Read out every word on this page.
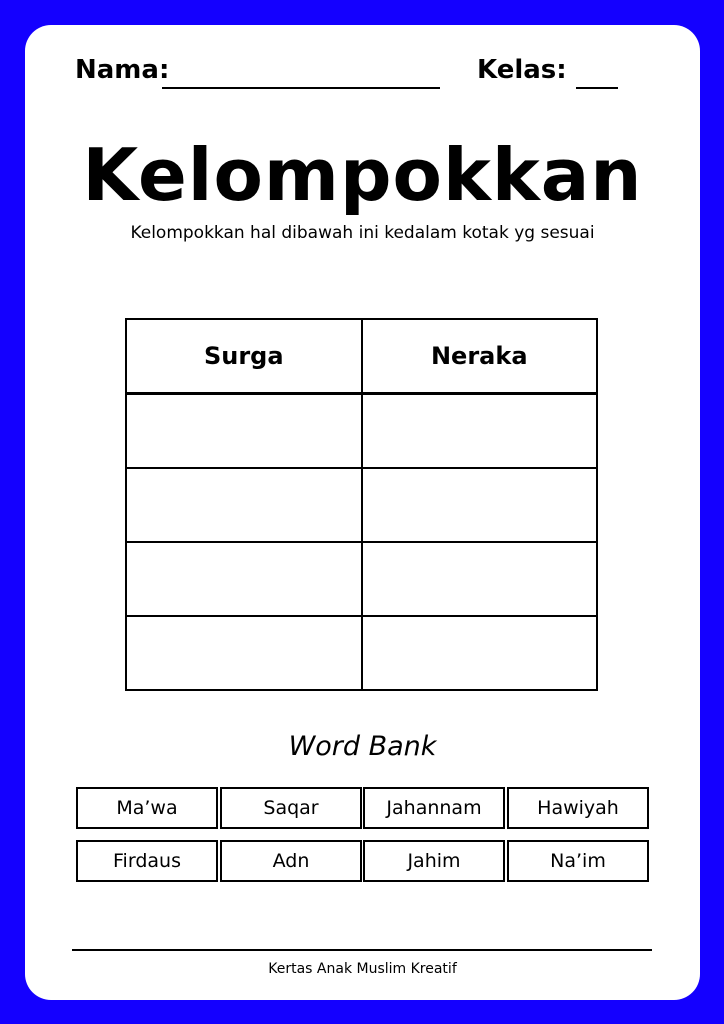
Nama:	Kelas:
Kelompokkan
Kelompokkan hal dibawah ini kedalam kotak yg sesuai
Surga	Neraka

Word Bank
Ma’wa	Saqar	Jahannam	Hawiyah
Firdaus	Adn	Jahim	Na’im
Kertas Anak Muslim Kreatif
